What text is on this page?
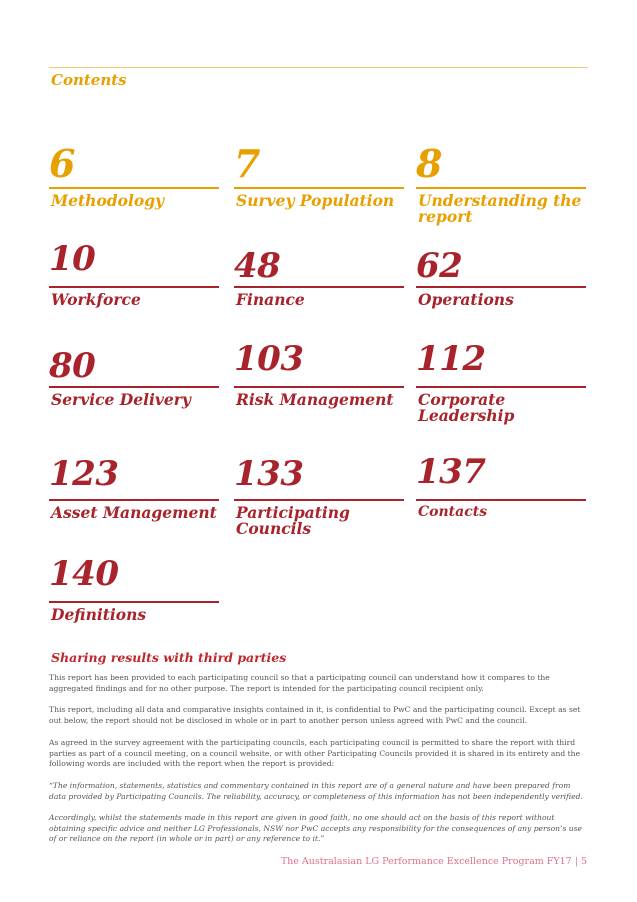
Contents
6
Methodology
7
Survey Population
8
Understanding the report
10
Workforce
48
Finance
62
Operations
80
Service Delivery
103
Risk Management
112
Corporate Leadership
123
Asset Management
133
Participating Councils
137
Contacts
140
Definitions
Sharing results with third parties

This report has been provided to each participating council so that a participating council can understand how it compares to the aggregated findings and for no other purpose. The report is intended for the participating council recipient only.

This report, including all data and comparative insights contained in it, is confidential to PwC and the participating council. Except as set out below, the report should not be disclosed in whole or in part to another person unless agreed with PwC and the council.

As agreed in the survey agreement with the participating councils, each participating council is permitted to share the report with third parties as part of a council meeting, on a council website, or with other Participating Councils provided it is shared in its entirety and the following words are included with the report when the report is provided:

“The information, statements, statistics and commentary contained in this report are of a general nature and have been prepared from data provided by Participating Councils. The reliability, accuracy, or completeness of this information has not been independently verified.

Accordingly, whilst the statements made in this report are given in good faith, no one should act on the basis of this report without obtaining specific advice and neither LG Professionals, NSW nor PwC accepts any responsibility for the consequences of any person’s use of or reliance on the report (in whole or in part) or any reference to it.”

The Australasian LG Performance Excellence Program FY17 | 5
